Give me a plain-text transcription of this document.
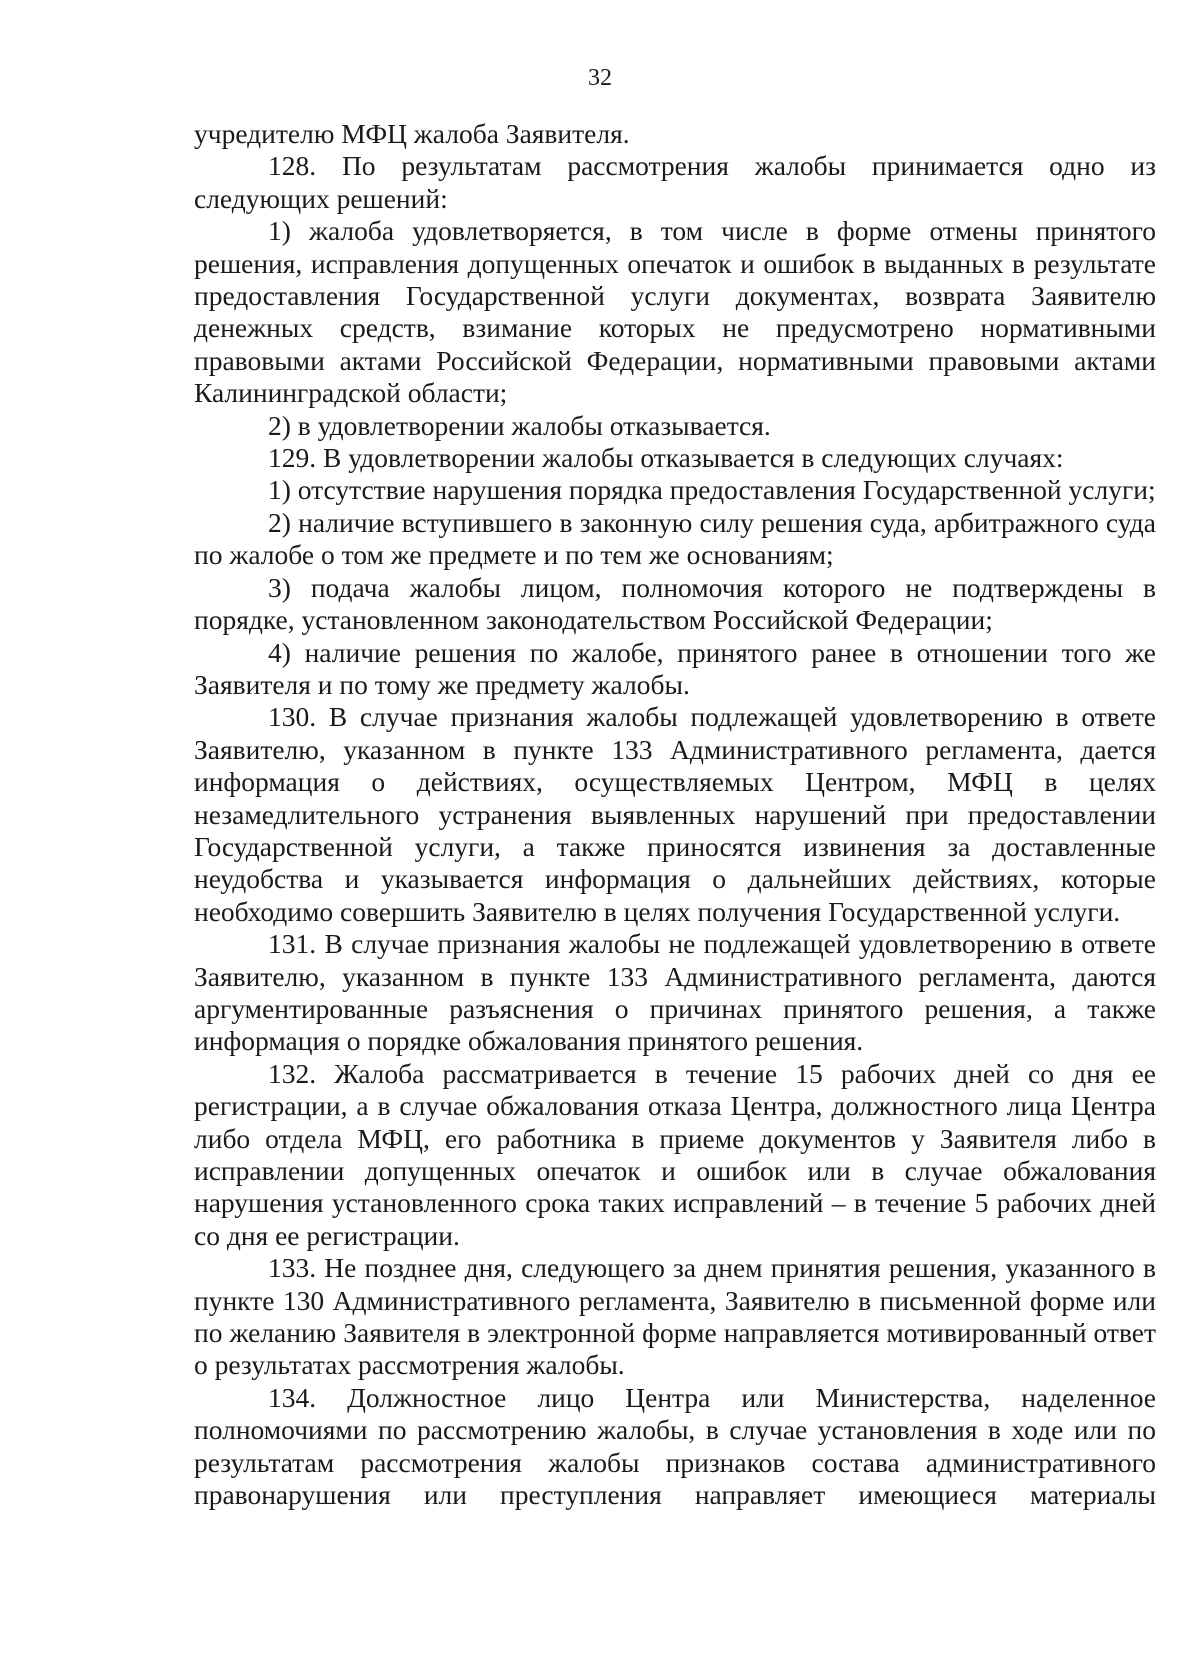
32

учредителю МФЦ жалоба Заявителя.

128. По результатам рассмотрения жалобы принимается одно из следующих решений:

1) жалоба удовлетворяется, в том числе в форме отмены принятого решения, исправления допущенных опечаток и ошибок в выданных в результате предоставления Государственной услуги документах, возврата Заявителю денежных средств, взимание которых не предусмотрено нормативными правовыми актами Российской Федерации, нормативными правовыми актами Калининградской области;

2) в удовлетворении жалобы отказывается.

129. В удовлетворении жалобы отказывается в следующих случаях:

1) отсутствие нарушения порядка предоставления Государственной услуги;

2) наличие вступившего в законную силу решения суда, арбитражного суда по жалобе о том же предмете и по тем же основаниям;

3) подача жалобы лицом, полномочия которого не подтверждены в порядке, установленном законодательством Российской Федерации;

4) наличие решения по жалобе, принятого ранее в отношении того же Заявителя и по тому же предмету жалобы.

130. В случае признания жалобы подлежащей удовлетворению в ответе Заявителю, указанном в пункте 133 Административного регламента, дается информация о действиях, осуществляемых Центром, МФЦ в целях незамедлительного устранения выявленных нарушений при предоставлении Государственной услуги, а также приносятся извинения за доставленные неудобства и указывается информация о дальнейших действиях, которые необходимо совершить Заявителю в целях получения Государственной услуги.

131. В случае признания жалобы не подлежащей удовлетворению в ответе Заявителю, указанном в пункте 133 Административного регламента, даются аргументированные разъяснения о причинах принятого решения, а также информация о порядке обжалования принятого решения.

132. Жалоба рассматривается в течение 15 рабочих дней со дня ее регистрации, а в случае обжалования отказа Центра, должностного лица Центра либо отдела МФЦ, его работника в приеме документов у Заявителя либо в исправлении допущенных опечаток и ошибок или в случае обжалования нарушения установленного срока таких исправлений – в течение 5 рабочих дней со дня ее регистрации.

133. Не позднее дня, следующего за днем принятия решения, указанного в пункте 130 Административного регламента, Заявителю в письменной форме или по желанию Заявителя в электронной форме направляется мотивированный ответ о результатах рассмотрения жалобы.

134. Должностное лицо Центра или Министерства, наделенное полномочиями по рассмотрению жалобы, в случае установления в ходе или по результатам рассмотрения жалобы признаков состава административного правонарушения или преступления направляет имеющиеся материалы
